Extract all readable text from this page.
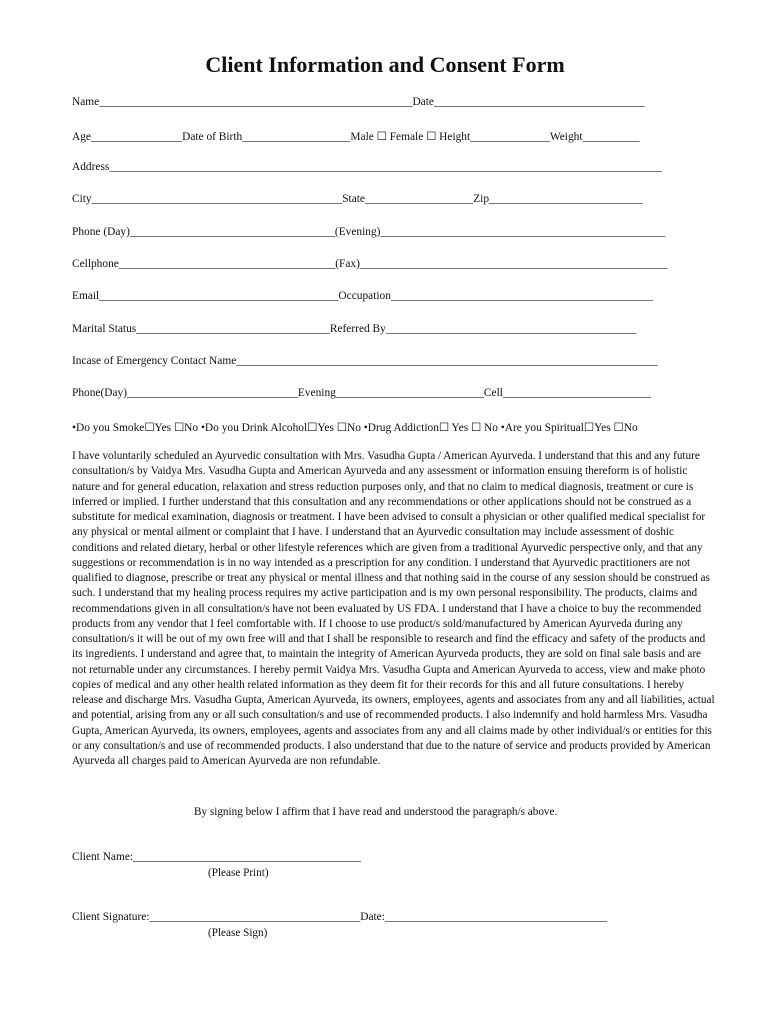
Client Information and Consent Form
Name_______________________________________________________Date_____________________________________
Age________________Date of Birth___________________Male ☐ Female ☐ Height______________Weight__________
Address_________________________________________________________________________________________________
City____________________________________________State___________________Zip___________________________
Phone (Day)____________________________________(Evening)__________________________________________________
Cellphone______________________________________(Fax)______________________________________________________
Email__________________________________________Occupation______________________________________________
Marital Status__________________________________Referred By____________________________________________
Incase of Emergency Contact Name__________________________________________________________________________
Phone(Day)______________________________Evening__________________________Cell__________________________
•Do you Smoke☐Yes ☐No •Do you Drink Alcohol☐Yes ☐No •Drug Addiction☐ Yes ☐ No •Are you Spiritual☐Yes ☐No

I have voluntarily scheduled an Ayurvedic consultation with Mrs. Vasudha Gupta / American Ayurveda. I understand that this and any future consultation/s by Vaidya Mrs. Vasudha Gupta and American Ayurveda and any assessment or information ensuing thereform is of holistic nature and for general education, relaxation and stress reduction purposes only, and that no claim to medical diagnosis, treatment or cure is inferred or implied. I further understand that this consultation and any recommendations or other applications should not be construed as a substitute for medical examination, diagnosis or treatment. I have been advised to consult a physician or other qualified medical specialist for any physical or mental ailment or complaint that I have. I understand that an Ayurvedic consultation may include assessment of doshic conditions and related dietary, herbal or other lifestyle references which are given from a traditional Ayurvedic perspective only, and that any suggestions or recommendation is in no way intended as a prescription for any condition. I understand that Ayurvedic practitioners are not qualified to diagnose, prescribe or treat any physical or mental illness and that nothing said in the course of any session should be construed as such. I understand that my healing process requires my active participation and is my own personal responsibility. The products, claims and recommendations given in all consultation/s have not been evaluated by US FDA. I understand that I have a choice to buy the recommended products from any vendor that I feel comfortable with. If I choose to use product/s sold/manufactured by American Ayurveda during any consultation/s it will be out of my own free will and that I shall be responsible to research and find the efficacy and safety of the products and its ingredients. I understand and agree that, to maintain the integrity of American Ayurveda products, they are sold on final sale basis and are not returnable under any circumstances. I hereby permit Vaidya Mrs. Vasudha Gupta and American Ayurveda to access, view and make photo copies of medical and any other health related information as they deem fit for their records for this and all future consultations. I hereby release and discharge Mrs. Vasudha Gupta, American Ayurveda, its owners, employees, agents and associates from any and all liabilities, actual and potential, arising from any or all such consultation/s and use of recommended products. I also indemnify and hold harmless Mrs. Vasudha Gupta, American Ayurveda, its owners, employees, agents and associates from any and all claims made by other individual/s or entities for this or any consultation/s and use of recommended products. I also understand that due to the nature of service and products provided by American Ayurveda all charges paid to American Ayurveda are non refundable.

By signing below I affirm that I have read and understood the paragraph/s above.
Client Name:________________________________________
(Please Print)
Client Signature:_____________________________________Date:_______________________________________
(Please Sign)
